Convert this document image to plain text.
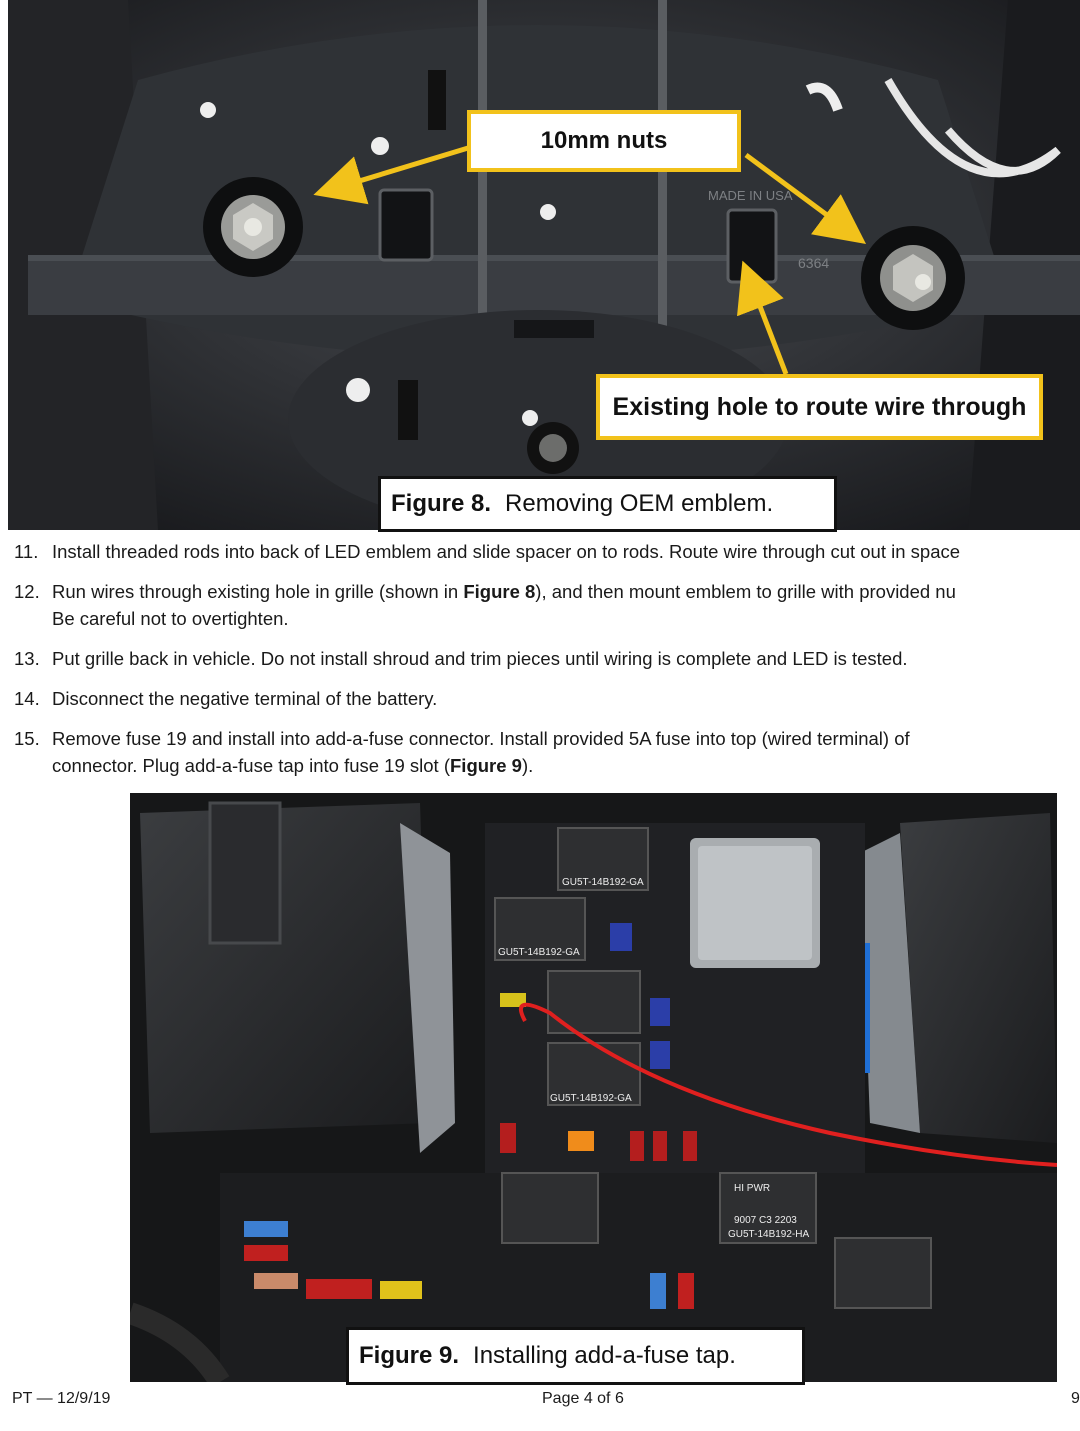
MADE IN USA
6364
10mm nuts
Existing hole to route wire through
Figure 8. Removing OEM emblem.
11. Install threaded rods into back of LED emblem and slide spacer on to rods. Route wire through cut out in space
12. Run wires through existing hole in grille (shown in Figure 8), and then mount emblem to grille with provided nu
Be careful not to overtighten.
13. Put grille back in vehicle. Do not install shroud and trim pieces until wiring is complete and LED is tested.
14. Disconnect the negative terminal of the battery.
15. Remove fuse 19 and install into add-a-fuse connector. Install provided 5A fuse into top (wired terminal) of
connector. Plug add-a-fuse tap into fuse 19 slot (Figure 9).
GU5T-14B192-GA
GU5T-14B192-GA
GU5T-14B192-GA
HI PWR
9007 C3 2203
GU5T-14B192-HA
Figure 9. Installing add-a-fuse tap.
PT — 12/9/19	Page 4 of 6	9
